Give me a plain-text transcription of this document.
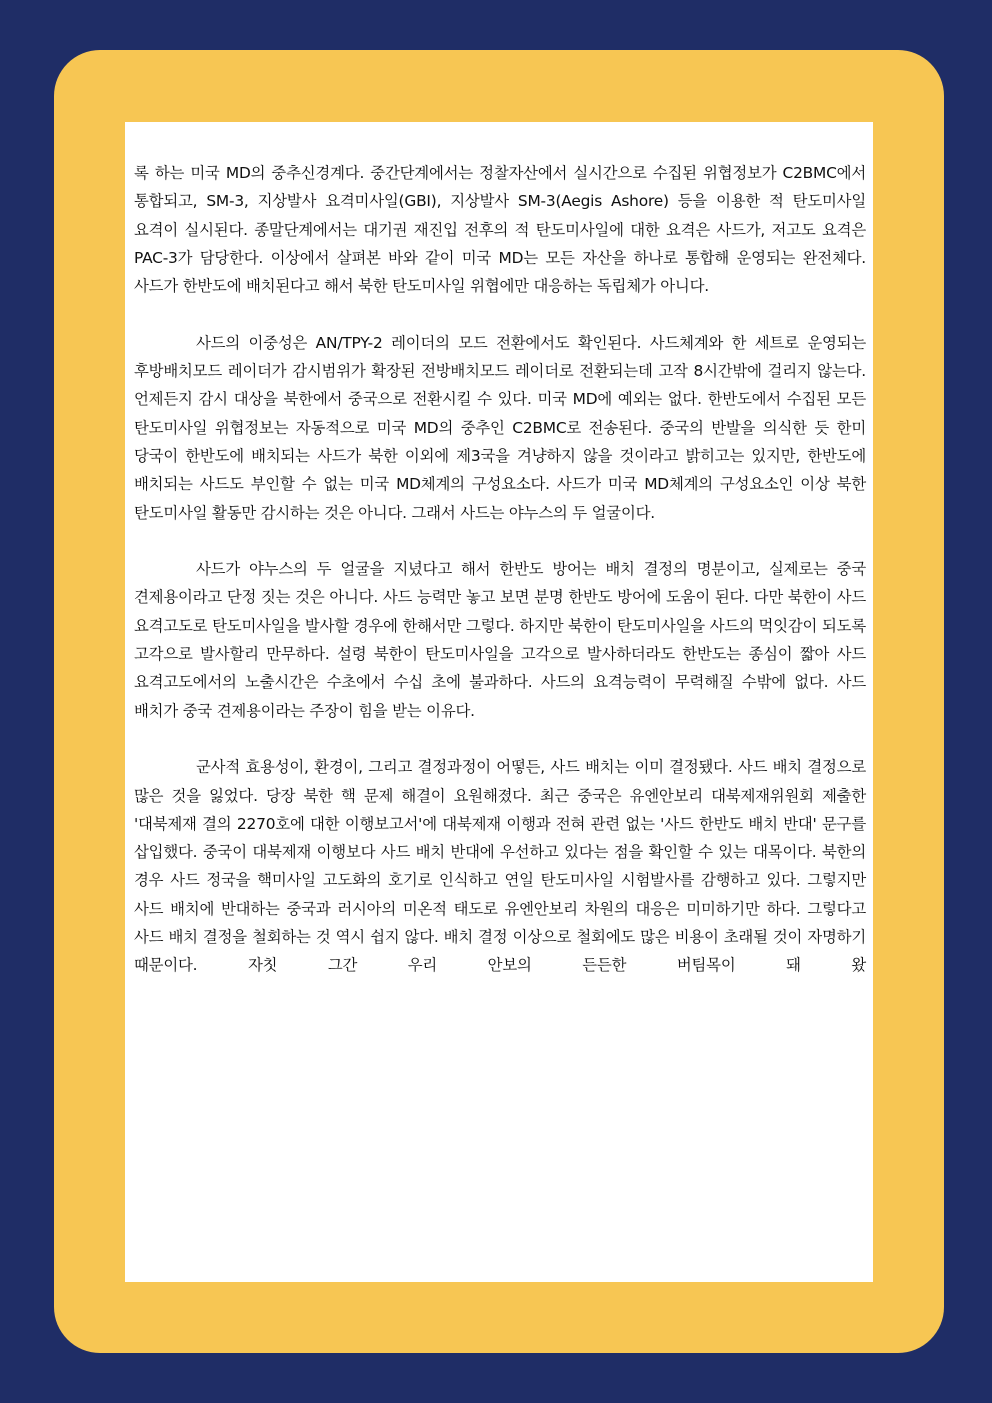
록 하는 미국 MD의 중추신경계다. 중간단계에서는 정찰자산에서 실시간으로 수집된 위협정보가 C2BMC에서 통합되고, SM-3, 지상발사 요격미사일(GBI), 지상발사 SM-3(Aegis Ashore) 등을 이용한 적 탄도미사일 요격이 실시된다. 종말단계에서는 대기권 재진입 전후의 적 탄도미사일에 대한 요격은 사드가, 저고도 요격은 PAC-3가 담당한다. 이상에서 살펴본 바와 같이 미국 MD는 모든 자산을 하나로 통합해 운영되는 완전체다. 사드가 한반도에 배치된다고 해서 북한 탄도미사일 위협에만 대응하는 독립체가 아니다.

사드의 이중성은 AN/TPY-2 레이더의 모드 전환에서도 확인된다. 사드체계와 한 세트로 운영되는 후방배치모드 레이더가 감시범위가 확장된 전방배치모드 레이더로 전환되는데 고작 8시간밖에 걸리지 않는다. 언제든지 감시 대상을 북한에서 중국으로 전환시킬 수 있다. 미국 MD에 예외는 없다. 한반도에서 수집된 모든 탄도미사일 위협정보는 자동적으로 미국 MD의 중추인 C2BMC로 전송된다. 중국의 반발을 의식한 듯 한미 당국이 한반도에 배치되는 사드가 북한 이외에 제3국을 겨냥하지 않을 것이라고 밝히고는 있지만, 한반도에 배치되는 사드도 부인할 수 없는 미국 MD체계의 구성요소다. 사드가 미국 MD체계의 구성요소인 이상 북한 탄도미사일 활동만 감시하는 것은 아니다. 그래서 사드는 야누스의 두 얼굴이다.

사드가 야누스의 두 얼굴을 지녔다고 해서 한반도 방어는 배치 결정의 명분이고, 실제로는 중국 견제용이라고 단정 짓는 것은 아니다. 사드 능력만 놓고 보면 분명 한반도 방어에 도움이 된다. 다만 북한이 사드 요격고도로 탄도미사일을 발사할 경우에 한해서만 그렇다. 하지만 북한이 탄도미사일을 사드의 먹잇감이 되도록 고각으로 발사할리 만무하다. 설령 북한이 탄도미사일을 고각으로 발사하더라도 한반도는 종심이 짧아 사드 요격고도에서의 노출시간은 수초에서 수십 초에 불과하다. 사드의 요격능력이 무력해질 수밖에 없다. 사드 배치가 중국 견제용이라는 주장이 힘을 받는 이유다.

군사적 효용성이, 환경이, 그리고 결정과정이 어떻든, 사드 배치는 이미 결정됐다. 사드 배치 결정으로 많은 것을 잃었다. 당장 북한 핵 문제 해결이 요원해졌다. 최근 중국은 유엔안보리 대북제재위원회 제출한 '대북제재 결의 2270호에 대한 이행보고서'에 대북제재 이행과 전혀 관련 없는 '사드 한반도 배치 반대' 문구를 삽입했다. 중국이 대북제재 이행보다 사드 배치 반대에 우선하고 있다는 점을 확인할 수 있는 대목이다. 북한의 경우 사드 정국을 핵미사일 고도화의 호기로 인식하고 연일 탄도미사일 시험발사를 감행하고 있다. 그렇지만 사드 배치에 반대하는 중국과 러시아의 미온적 태도로 유엔안보리 차원의 대응은 미미하기만 하다. 그렇다고 사드 배치 결정을 철회하는 것 역시 쉽지 않다. 배치 결정 이상으로 철회에도 많은 비용이 초래될 것이 자명하기 때문이다. 자칫 그간 우리 안보의 든든한 버팀목이 돼 왔
